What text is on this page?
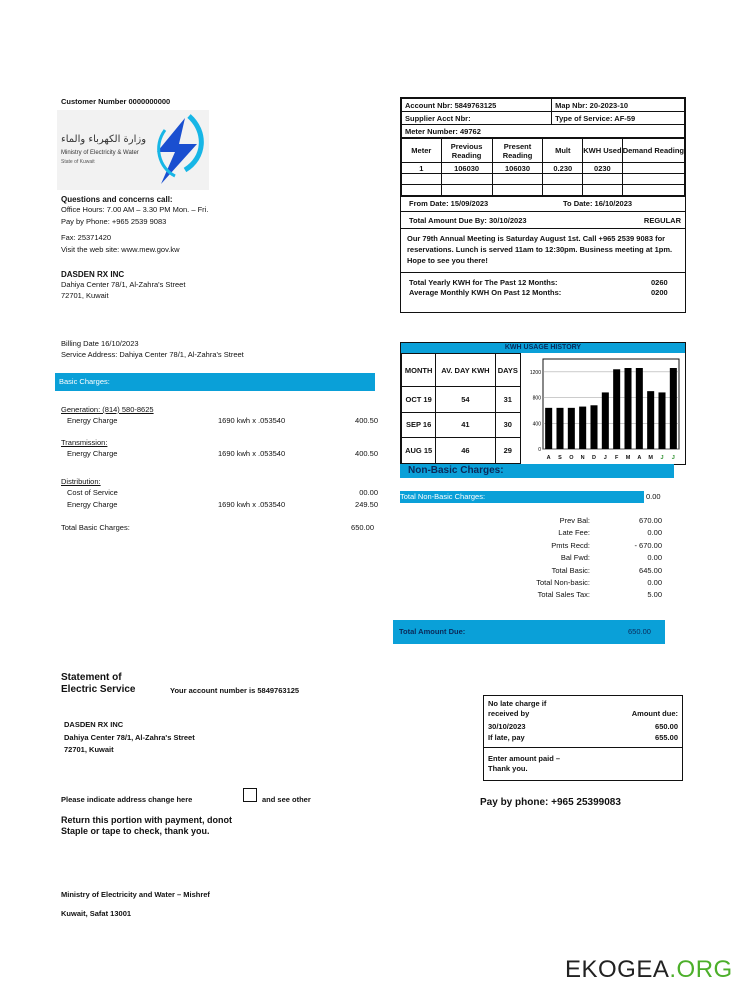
Customer Number 0000000000
وزارة الكهرباء والماء
Ministry of Electricity & Water
State of Kuwait
Questions and concerns call:
Office Hours: 7.00 AM – 3.30 PM Mon. – Fri.
Pay by Phone: +965 2539 9083
Fax: 25371420
Visit the web site: www.mew.gov.kw
DASDEN RX INC
Dahiya Center 78/1, Al-Zahra's Street
72701, Kuwait
Billing Date 16/10/2023
Service Address: Dahiya Center 78/1, Al-Zahra's Street
Basic Charges:
Generation: (814) 580-8625
Energy Charge	1690 kwh x .053540	400.50
Transmission:
Energy Charge	1690 kwh x .053540	400.50
Distribution:
Cost of Service	00.00
Energy Charge	1690 kwh x .053540	249.50
Total Basic Charges:	650.00
Account Nbr: 5849763125	Map Nbr: 20-2023-10
Supplier Acct Nbr:	Type of Service: AF-59
Meter Number: 49762	
Meter	Previous Reading	Present Reading	Mult	KWH Used	Demand Reading
1	106030	106030	0.230	0230	

From Date: 15/09/2023	To Date: 16/10/2023
Total Amount Due By: 30/10/2023	REGULAR
Our 79th Annual Meeting is Saturday August 1st. Call +965 2539 9083 for reservations. Lunch is served 11am to 12:30pm. Business meeting at 1pm. Hope to see you there!
Total Yearly KWH for The Past 12 Months:	0260
Average Monthly KWH On Past 12 Months:	0200
KWH USAGE HISTORY
MONTH	AV. DAY KWH	DAYS
OCT 19	54	31
SEP 16	41	30
AUG 15	46	29	0
400
800
1200
A S O N D J F M A M J J
Non-Basic Charges:
Total Non-Basic Charges:	0.00
Prev Bal:	670.00
Late Fee:	0.00
Pmts Recd:	- 670.00
Bal Fwd:	0.00
Total Basic:	645.00
Total Non-basic:	0.00
Total Sales Tax:	5.00
Total Amount Due:	650.00
Statement of
Electric Service	Your account number is 5849763125
DASDEN RX INC
Dahiya Center 78/1, Al-Zahra's Street
72701, Kuwait
Please indicate address change here	and see other
Return this portion with payment, donot
Staple or tape to check, thank you.
Ministry of Electricity and Water – Mishref
Kuwait, Safat 13001
No late charge if received by	Amount due:
30/10/2023	650.00
If late, pay	655.00
Enter amount paid –
Thank you.
Pay by phone: +965 25399083
EKOGEA.ORG
